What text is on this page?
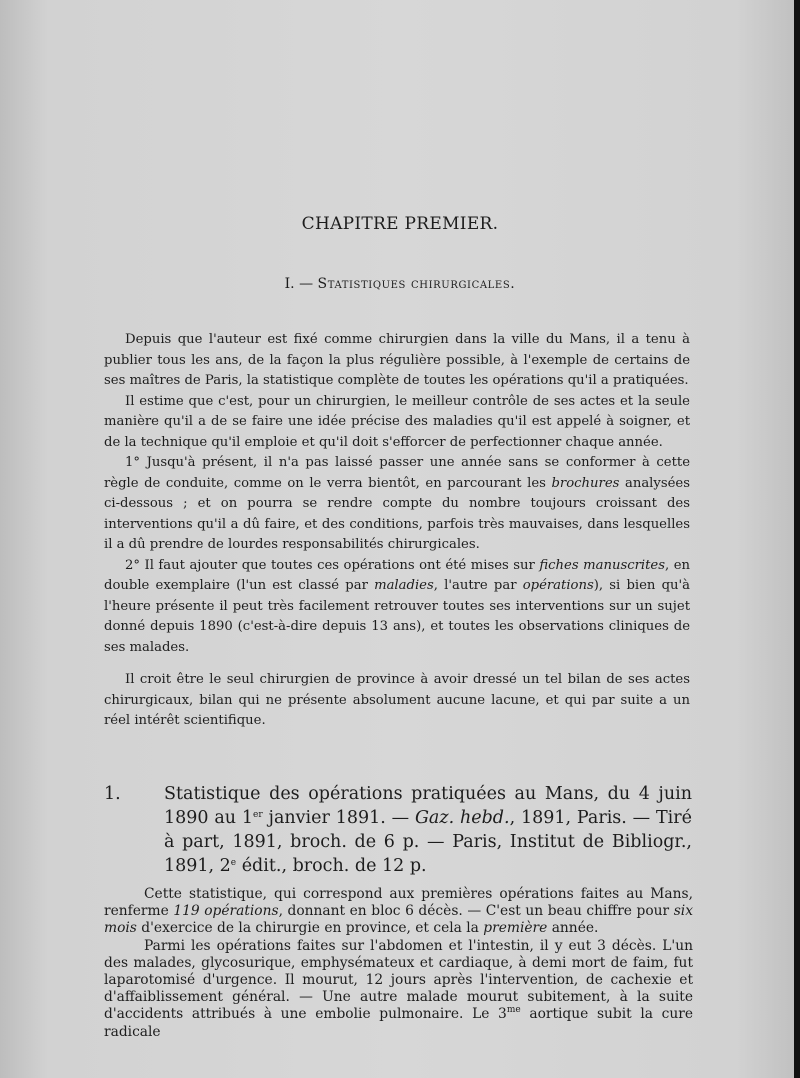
CHAPITRE PREMIER.
I. — Statistiques chirurgicales.

Depuis que l'auteur est fixé comme chirurgien dans la ville du Mans, il a tenu à publier tous les ans, de la façon la plus régulière possible, à l'exemple de certains de ses maîtres de Paris, la statistique complète de toutes les opérations qu'il a pratiquées.

Il estime que c'est, pour un chirurgien, le meilleur contrôle de ses actes et la seule manière qu'il a de se faire une idée précise des maladies qu'il est appelé à soigner, et de la technique qu'il emploie et qu'il doit s'efforcer de perfectionner chaque année.

1° Jusqu'à présent, il n'a pas laissé passer une année sans se conformer à cette règle de conduite, comme on le verra bientôt, en parcourant les brochures analysées ci-dessous ; et on pourra se rendre compte du nombre toujours croissant des interventions qu'il a dû faire, et des conditions, parfois très mauvaises, dans lesquelles il a dû prendre de lourdes responsabilités chirurgicales.

2° Il faut ajouter que toutes ces opérations ont été mises sur fiches manuscrites, en double exemplaire (l'un est classé par maladies, l'autre par opérations), si bien qu'à l'heure présente il peut très facilement retrouver toutes ses interventions sur un sujet donné depuis 1890 (c'est-à-dire depuis 13 ans), et toutes les observations cliniques de ses malades.

Il croit être le seul chirurgien de province à avoir dressé un tel bilan de ses actes chirurgicaux, bilan qui ne présente absolument aucune lacune, et qui par suite a un réel intérêt scientifique.

1. Statistique des opérations pratiquées au Mans, du 4 juin 1890 au 1er janvier 1891. — Gaz. hebd., 1891, Paris. — Tiré à part, 1891, broch. de 6 p. — Paris, Institut de Bibliogr., 1891, 2e édit., broch. de 12 p.

Cette statistique, qui correspond aux premières opérations faites au Mans, renferme 119 opérations, donnant en bloc 6 décès. — C'est un beau chiffre pour six mois d'exercice de la chirurgie en province, et cela la première année.

Parmi les opérations faites sur l'abdomen et l'intestin, il y eut 3 décès. L'un des malades, glycosurique, emphysémateux et cardiaque, à demi mort de faim, fut laparotomisé d'urgence. Il mourut, 12 jours après l'intervention, de cachexie et d'affaiblissement général. — Une autre malade mourut subitement, à la suite d'accidents attribués à une embolie pulmonaire. Le $3^{me}$ aortique subit la cure radicale
